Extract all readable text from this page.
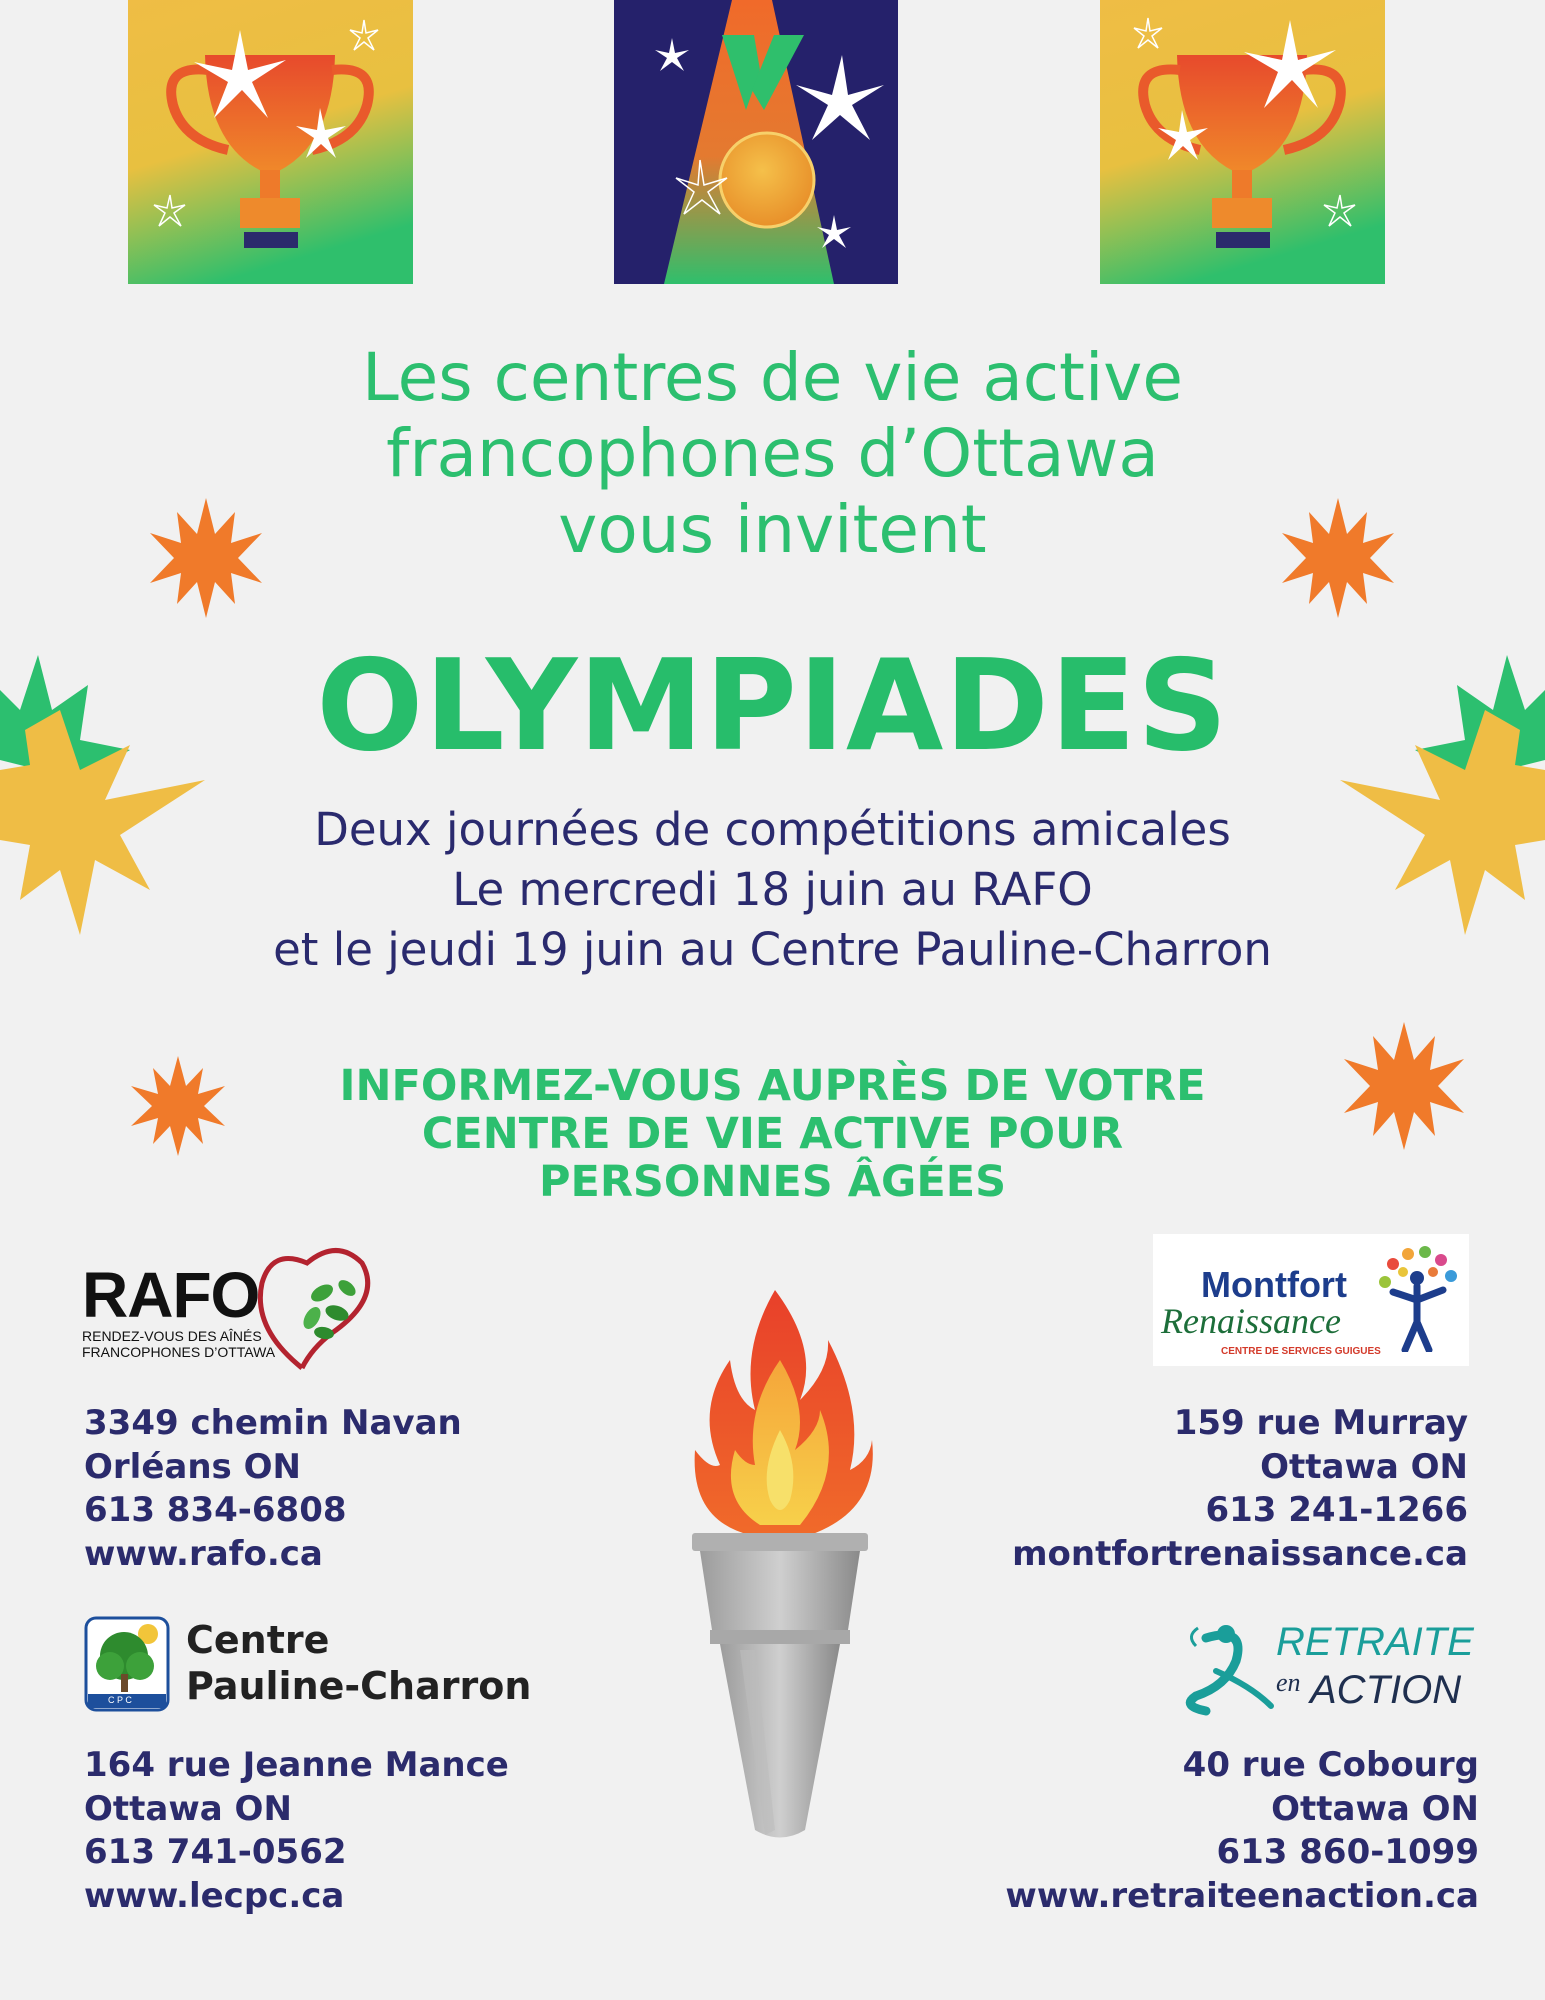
Les centres de vie active
francophones d’Ottawa
vous invitent
OLYMPIADES
Deux journées de compétitions amicales
Le mercredi 18 juin au RAFO
et le jeudi 19 juin au Centre Pauline-Charron
INFORMEZ-VOUS AUPRÈS DE VOTRE
CENTRE DE VIE ACTIVE POUR
PERSONNES ÂGÉES
RAFO
RENDEZ-VOUS DES AÎNÉS
FRANCOPHONES D’OTTAWA
Montfort
Renaissance
CENTRE DE SERVICES GUIGUES
C P C
Centre
Pauline-Charron
RETRAITE
en ACTION
3349 chemin Navan
Orléans ON
613 834-6808
www.rafo.ca
159 rue Murray
Ottawa ON
613 241-1266
montfortrenaissance.ca
164 rue Jeanne Mance
Ottawa ON
613 741-0562
www.lecpc.ca
40 rue Cobourg
Ottawa ON
613 860-1099
www.retraiteenaction.ca
